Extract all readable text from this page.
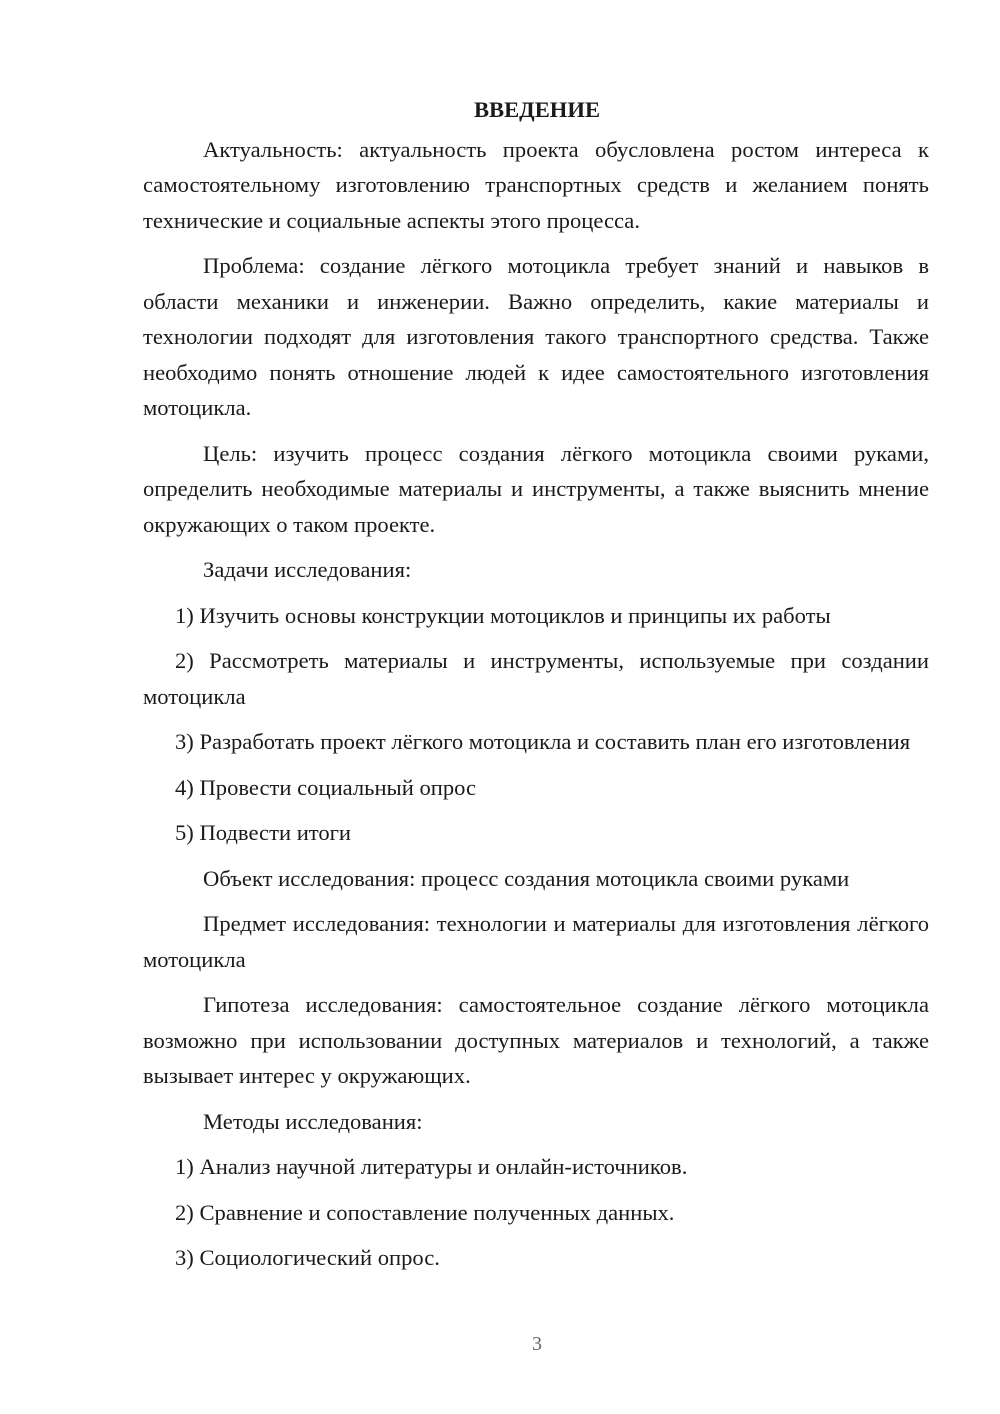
ВВЕДЕНИЕ

Актуальность: актуальность проекта обусловлена ростом интереса к самостоятельному изготовлению транспортных средств и желанием понять технические и социальные аспекты этого процесса.

Проблема: создание лёгкого мотоцикла требует знаний и навыков в области механики и инженерии. Важно определить, какие материалы и технологии подходят для изготовления такого транспортного средства. Также необходимо понять отношение людей к идее самостоятельного изготовления мотоцикла.

Цель: изучить процесс создания лёгкого мотоцикла своими руками, определить необходимые материалы и инструменты, а также выяснить мнение окружающих о таком проекте.

Задачи исследования:

1) Изучить основы конструкции мотоциклов и принципы их работы

2) Рассмотреть материалы и инструменты, используемые при создании мотоцикла

3) Разработать проект лёгкого мотоцикла и составить план его изготовления

4) Провести социальный опрос

5) Подвести итоги

Объект исследования: процесс создания мотоцикла своими руками

Предмет исследования: технологии и материалы для изготовления лёгкого мотоцикла

Гипотеза исследования: самостоятельное создание лёгкого мотоцикла возможно при использовании доступных материалов и технологий, а также вызывает интерес у окружающих.

Методы исследования:

1) Анализ научной литературы и онлайн-источников.

2) Сравнение и сопоставление полученных данных.

3) Социологический опрос.

3
